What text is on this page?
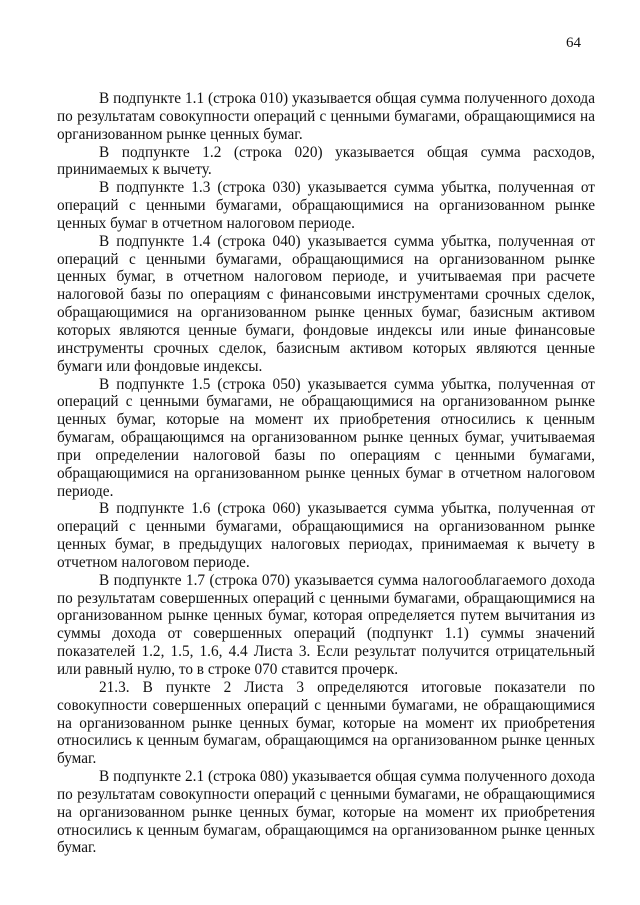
64

В подпункте 1.1 (строка 010) указывается общая сумма полученного дохода по результатам совокупности операций с ценными бумагами, обращающимися на организованном рынке ценных бумаг.

В подпункте 1.2 (строка 020) указывается общая сумма расходов, принимаемых к вычету.

В подпункте 1.3 (строка 030) указывается сумма убытка, полученная от операций с ценными бумагами, обращающимися на организованном рынке ценных бумаг в отчетном налоговом периоде.

В подпункте 1.4 (строка 040) указывается сумма убытка, полученная от операций с ценными бумагами, обращающимися на организованном рынке ценных бумаг, в отчетном налоговом периоде, и учитываемая при расчете налоговой базы по операциям с финансовыми инструментами срочных сделок, обращающимися на организованном рынке ценных бумаг, базисным активом которых являются ценные бумаги, фондовые индексы или иные финансовые инструменты срочных сделок, базисным активом которых являются ценные бумаги или фондовые индексы.

В подпункте 1.5 (строка 050) указывается сумма убытка, полученная от операций с ценными бумагами, не обращающимися на организованном рынке ценных бумаг, которые на момент их приобретения относились к ценным бумагам, обращающимся на организованном рынке ценных бумаг, учитываемая при определении налоговой базы по операциям с ценными бумагами, обращающимися на организованном рынке ценных бумаг в отчетном налоговом периоде.

В подпункте 1.6 (строка 060) указывается сумма убытка, полученная от операций с ценными бумагами, обращающимися на организованном рынке ценных бумаг, в предыдущих налоговых периодах, принимаемая к вычету в отчетном налоговом периоде.

В подпункте 1.7 (строка 070) указывается сумма налогооблагаемого дохода по результатам совершенных операций с ценными бумагами, обращающимися на организованном рынке ценных бумаг, которая определяется путем вычитания из суммы дохода от совершенных операций (подпункт 1.1) суммы значений показателей 1.2, 1.5, 1.6, 4.4 Листа 3. Если результат получится отрицательный или равный нулю, то в строке 070 ставится прочерк.

21.3. В пункте 2 Листа 3 определяются итоговые показатели по совокупности совершенных операций с ценными бумагами, не обращающимися на организованном рынке ценных бумаг, которые на момент их приобретения относились к ценным бумагам, обращающимся на организованном рынке ценных бумаг.

В подпункте 2.1 (строка 080) указывается общая сумма полученного дохода по результатам совокупности операций с ценными бумагами, не обращающимися на организованном рынке ценных бумаг, которые на момент их приобретения относились к ценным бумагам, обращающимся на организованном рынке ценных бумаг.
